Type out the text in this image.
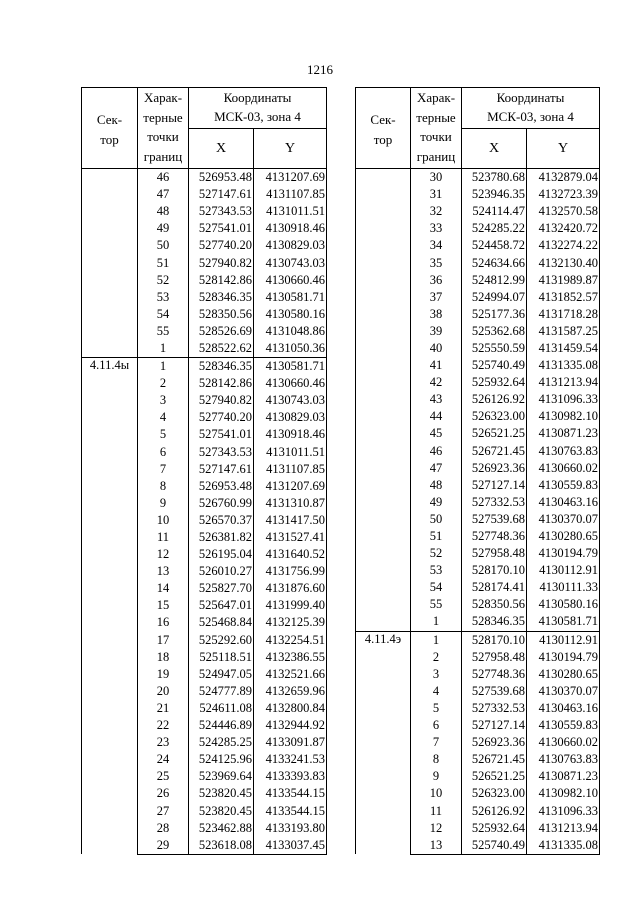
1216
Сек-
тор	Харак-
терные
точки
границ	Координаты
МСК-03, зона 4	
		X	Y
	46	526953.48	4131207.69
	47	527147.61	4131107.85
	48	527343.53	4131011.51
	49	527541.01	4130918.46
	50	527740.20	4130829.03
	51	527940.82	4130743.03
	52	528142.86	4130660.46
	53	528346.35	4130581.71
	54	528350.56	4130580.16
	55	528526.69	4131048.86
	1	528522.62	4131050.36
4.11.4ы	1	528346.35	4130581.71
	2	528142.86	4130660.46
	3	527940.82	4130743.03
	4	527740.20	4130829.03
	5	527541.01	4130918.46
	6	527343.53	4131011.51
	7	527147.61	4131107.85
	8	526953.48	4131207.69
	9	526760.99	4131310.87
	10	526570.37	4131417.50
	11	526381.82	4131527.41
	12	526195.04	4131640.52
	13	526010.27	4131756.99
	14	525827.70	4131876.60
	15	525647.01	4131999.40
	16	525468.84	4132125.39
	17	525292.60	4132254.51
	18	525118.51	4132386.55
	19	524947.05	4132521.66
	20	524777.89	4132659.96
	21	524611.08	4132800.84
	22	524446.89	4132944.92
	23	524285.25	4133091.87
	24	524125.96	4133241.53
	25	523969.64	4133393.83
	26	523820.45	4133544.15
	27	523820.45	4133544.15
	28	523462.88	4133193.80
	29	523618.08	4133037.45
Сек-
тор	Харак-
терные
точки
границ	Координаты
МСК-03, зона 4	
		X	Y
	30	523780.68	4132879.04
	31	523946.35	4132723.39
	32	524114.47	4132570.58
	33	524285.22	4132420.72
	34	524458.72	4132274.22
	35	524634.66	4132130.40
	36	524812.99	4131989.87
	37	524994.07	4131852.57
	38	525177.36	4131718.28
	39	525362.68	4131587.25
	40	525550.59	4131459.54
	41	525740.49	4131335.08
	42	525932.64	4131213.94
	43	526126.92	4131096.33
	44	526323.00	4130982.10
	45	526521.25	4130871.23
	46	526721.45	4130763.83
	47	526923.36	4130660.02
	48	527127.14	4130559.83
	49	527332.53	4130463.16
	50	527539.68	4130370.07
	51	527748.36	4130280.65
	52	527958.48	4130194.79
	53	528170.10	4130112.91
	54	528174.41	4130111.33
	55	528350.56	4130580.16
	1	528346.35	4130581.71
4.11.4э	1	528170.10	4130112.91
	2	527958.48	4130194.79
	3	527748.36	4130280.65
	4	527539.68	4130370.07
	5	527332.53	4130463.16
	6	527127.14	4130559.83
	7	526923.36	4130660.02
	8	526721.45	4130763.83
	9	526521.25	4130871.23
	10	526323.00	4130982.10
	11	526126.92	4131096.33
	12	525932.64	4131213.94
	13	525740.49	4131335.08
